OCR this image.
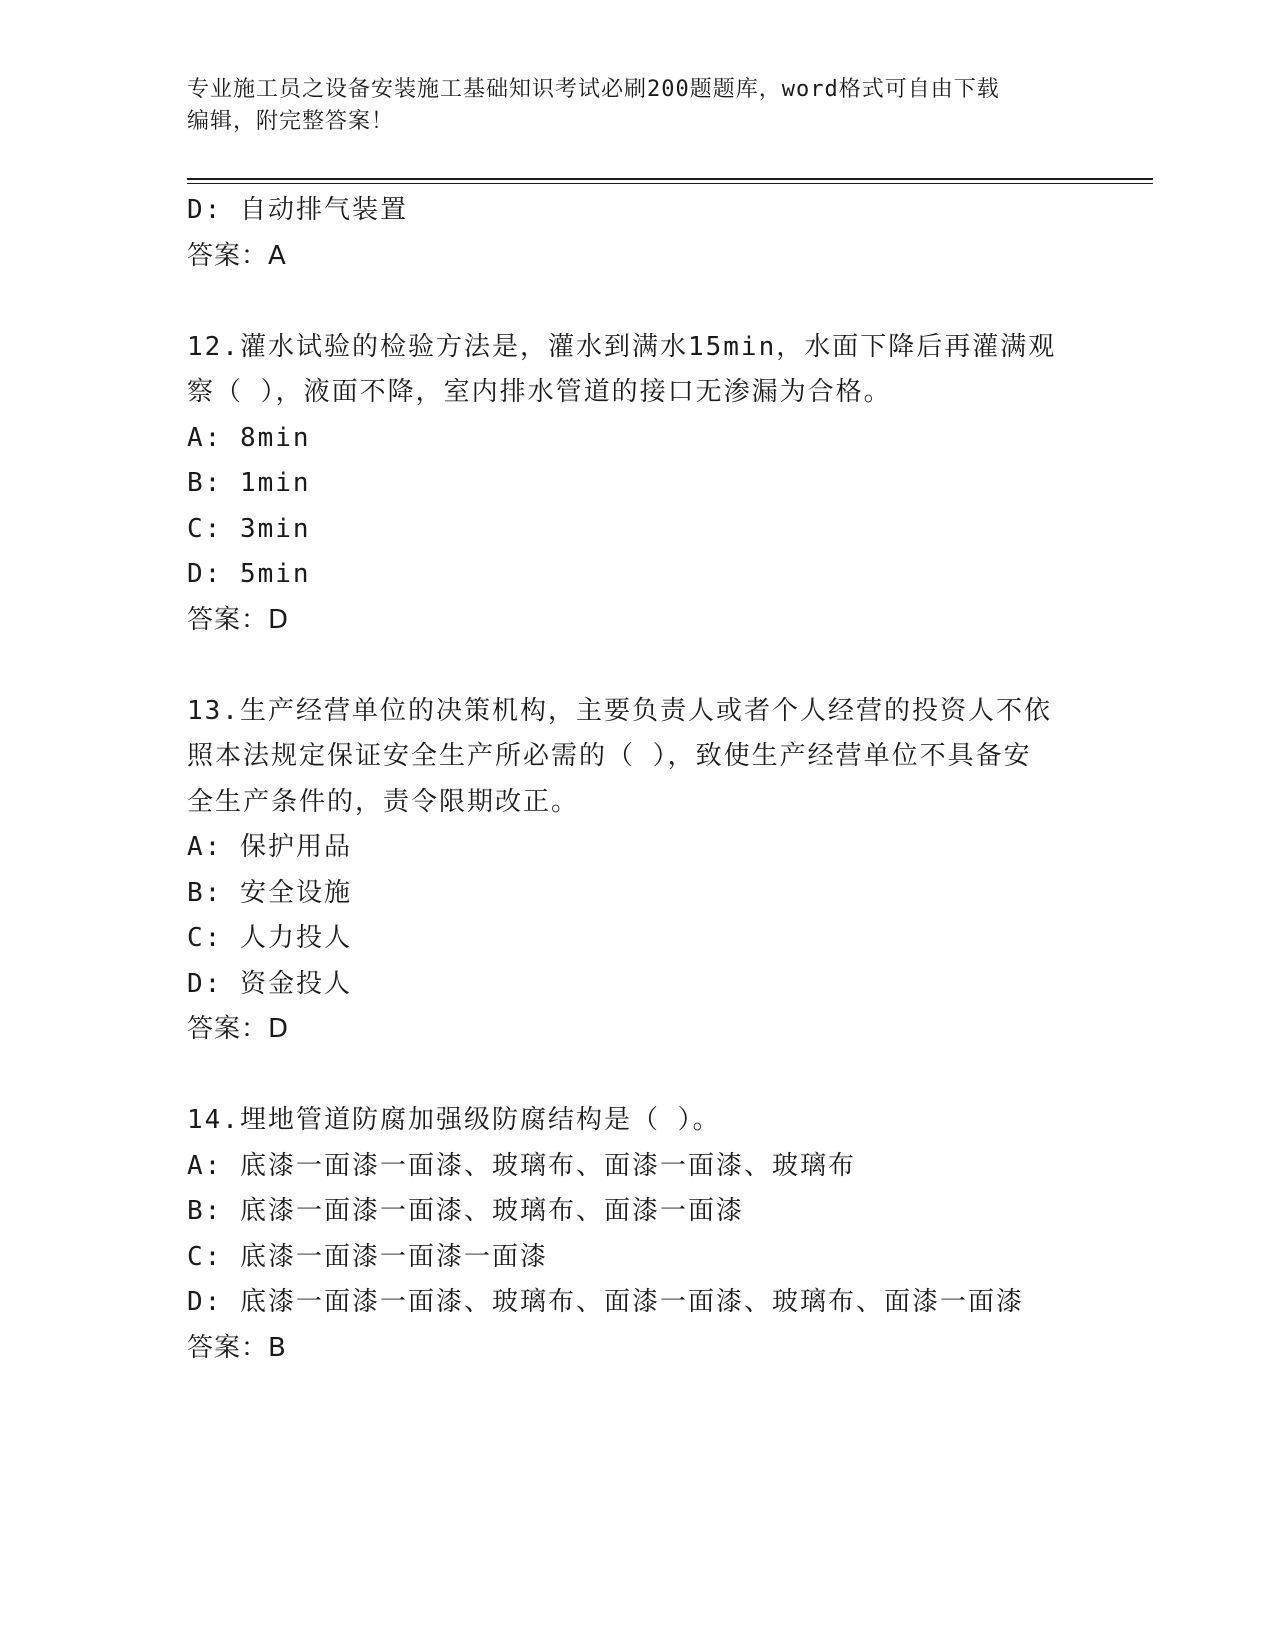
专业施工员之设备安装施工基础知识考试必刷200题题库，word格式可自由下载
编辑，附完整答案！
D: 自动排气装置
答案：A
12.灌水试验的检验方法是，灌水到满水15min，水面下降后再灌满观
察（ ），液面不降，室内排水管道的接口无渗漏为合格。
A: 8min
B: 1min
C: 3min
D: 5min
答案：D
13.生产经营单位的决策机构，主要负责人或者个人经营的投资人不依
照本法规定保证安全生产所必需的（ ），致使生产经营单位不具备安
全生产条件的，责令限期改正。
A: 保护用品
B: 安全设施
C: 人力投人
D: 资金投人
答案：D
14.埋地管道防腐加强级防腐结构是（ ）。
A: 底漆一面漆一面漆、玻璃布、面漆一面漆、玻璃布
B: 底漆一面漆一面漆、玻璃布、面漆一面漆
C: 底漆一面漆一面漆一面漆
D: 底漆一面漆一面漆、玻璃布、面漆一面漆、玻璃布、面漆一面漆
答案：B
